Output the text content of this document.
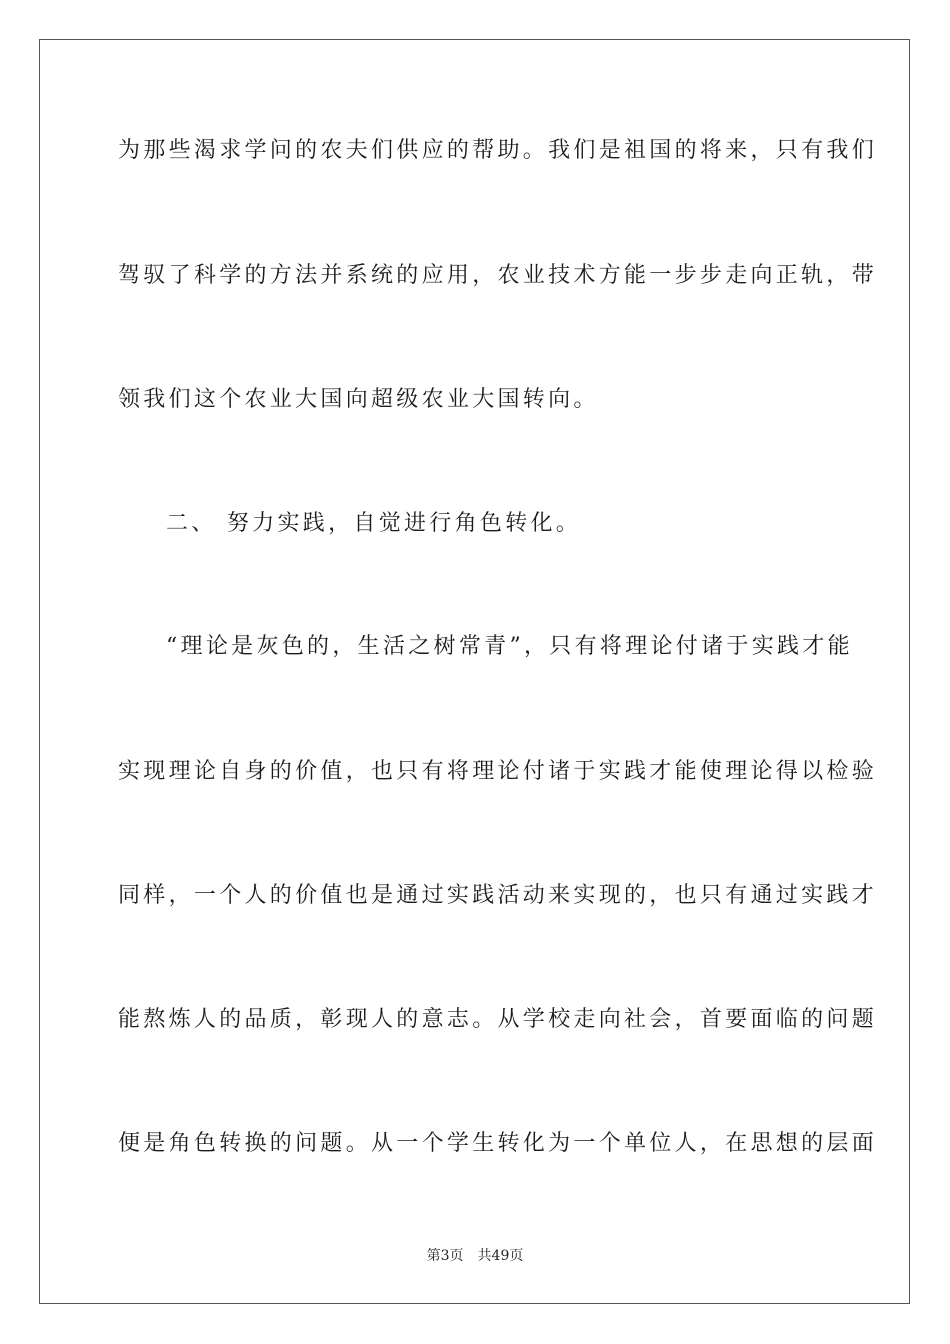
为那些渴求学问的农夫们供应的帮助。我们是祖国的将来，只有我们
驾驭了科学的方法并系统的应用，农业技术方能一步步走向正轨，带
领我们这个农业大国向超级农业大国转向。
二、 努力实践，自觉进行角色转化。
“理论是灰色的，生活之树常青”，只有将理论付诸于实践才能
实现理论自身的价值，也只有将理论付诸于实践才能使理论得以检验
同样，一个人的价值也是通过实践活动来实现的，也只有通过实践才
能熬炼人的品质，彰现人的意志。从学校走向社会，首要面临的问题
便是角色转换的问题。从一个学生转化为一个单位人，在思想的层面
第3页 共49页
